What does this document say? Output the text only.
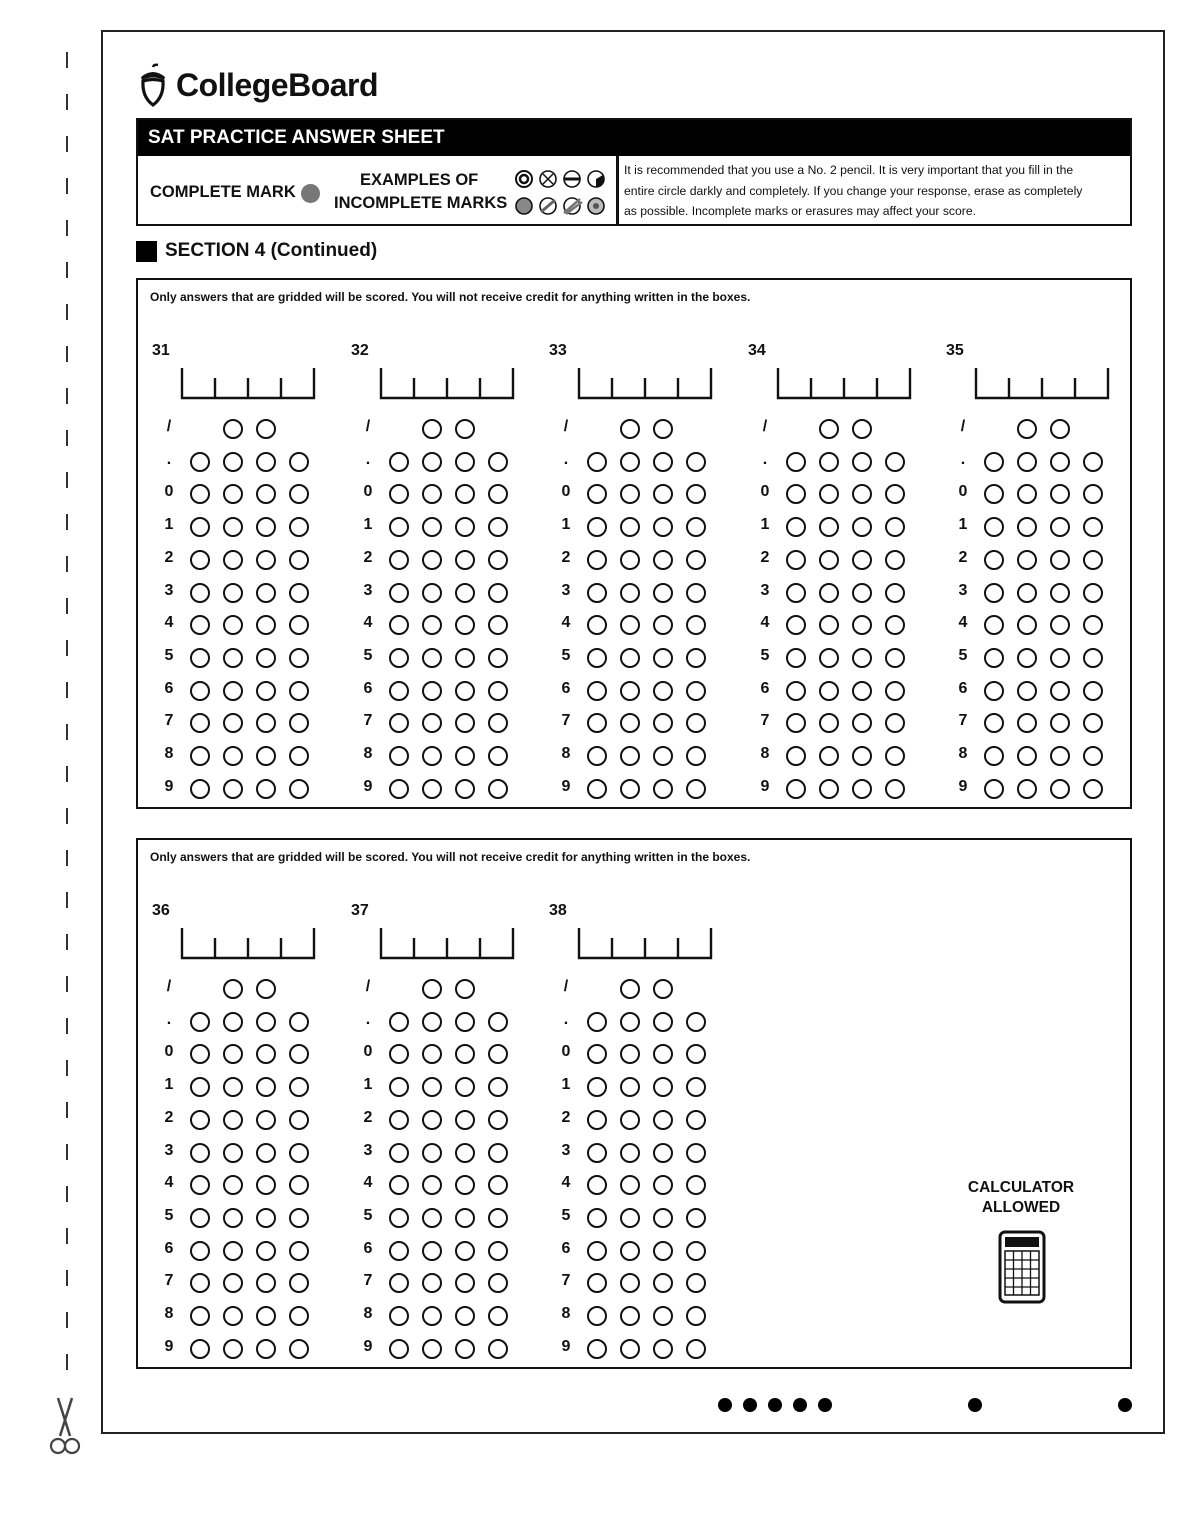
CollegeBoard
SAT PRACTICE ANSWER SHEET
COMPLETE MARK
EXAMPLES OF
INCOMPLETE MARKS
It is recommended that you use a No. 2 pencil. It is very important that you fill in the
entire circle darkly and completely. If you change your response, erase as completely
as possible. Incomplete marks or erasures may affect your score.
SECTION 4 (Continued)
Only answers that are gridded will be scored. You will not receive credit for anything written in the boxes.
31
/
.
0
1
2
3
4
5
6
7
8
9
32
/
.
0
1
2
3
4
5
6
7
8
9
33
/
.
0
1
2
3
4
5
6
7
8
9
34
/
.
0
1
2
3
4
5
6
7
8
9
35
/
.
0
1
2
3
4
5
6
7
8
9
Only answers that are gridded will be scored. You will not receive credit for anything written in the boxes.
CALCULATOR
ALLOWED
36
/
.
0
1
2
3
4
5
6
7
8
9
37
/
.
0
1
2
3
4
5
6
7
8
9
38
/
.
0
1
2
3
4
5
6
7
8
9
